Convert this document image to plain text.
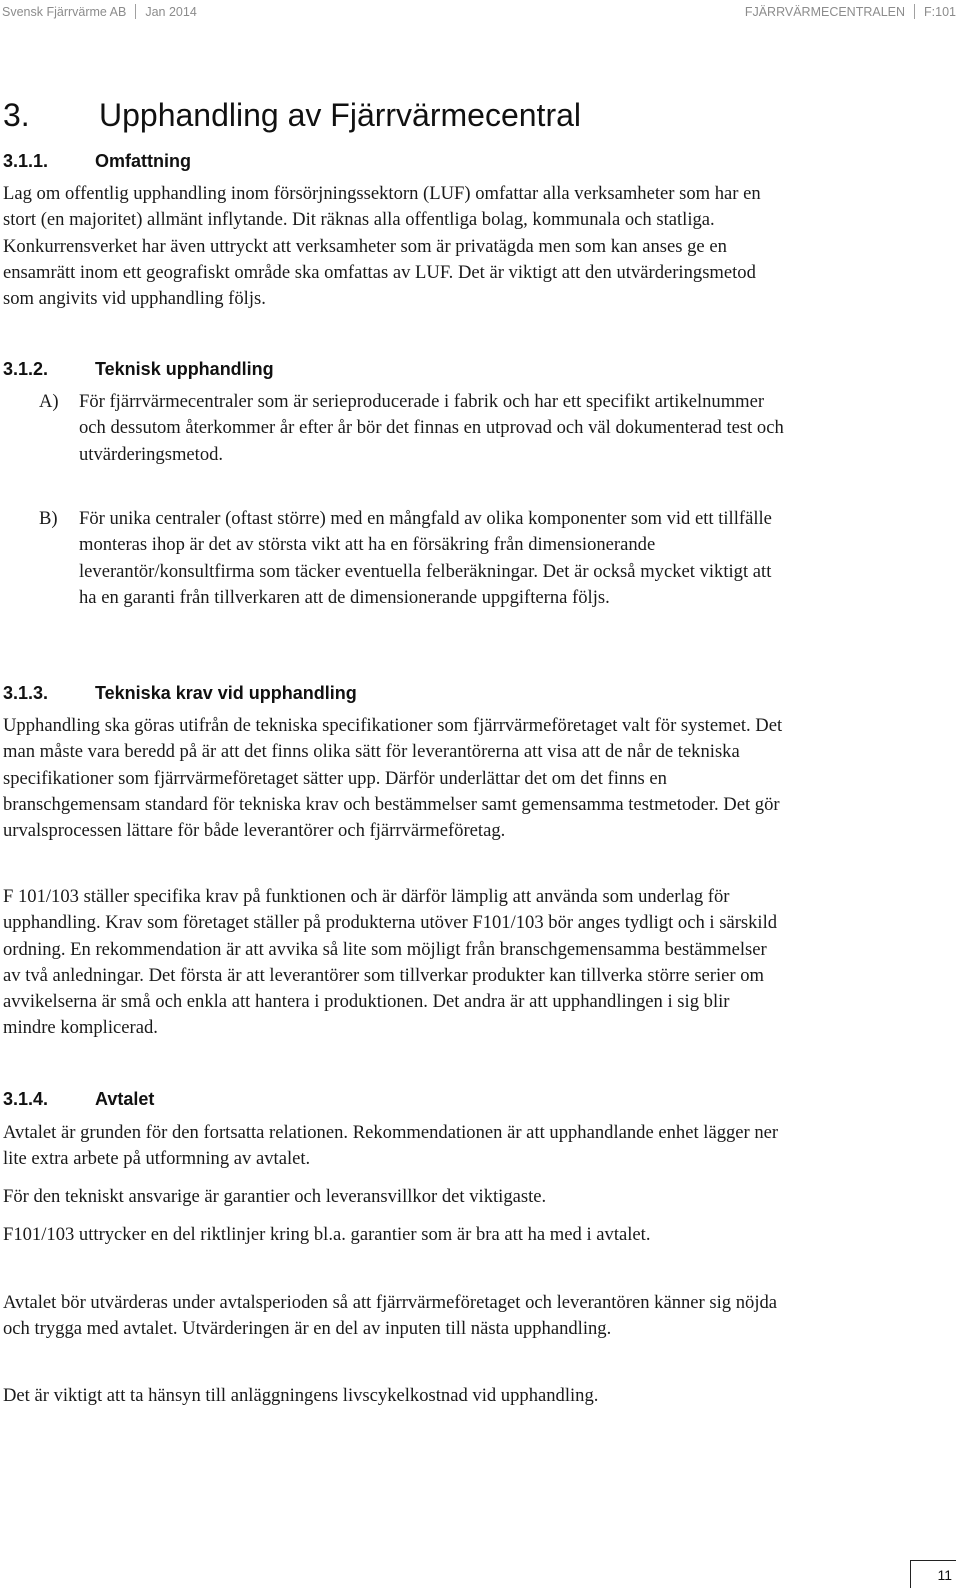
Svensk Fjärrvärme AB Jan 2014	FJÄRRVÄRMECENTRALEN F:101
3.	Upphandling av Fjärrvärmecentral
3.1.1.	Omfattning

Lag om offentlig upphandling inom försörjningssektorn (LUF) omfattar alla verksamheter som har en stort (en majoritet) allmänt inflytande. Dit räknas alla offentliga bolag, kommunala och statliga. Konkurrensverket har även uttryckt att verksamheter som är privatägda men som kan anses ge en ensamrätt inom ett geografiskt område ska omfattas av LUF. Det är viktigt att den utvärderingsmetod som angivits vid upphandling följs.

3.1.2.	Teknisk upphandling
A)	För fjärrvärmecentraler som är serieproducerade i fabrik och har ett specifikt artikelnummer och dessutom återkommer år efter år bör det finnas en utprovad och väl dokumenterad test och utvärderingsmetod.
B)	För unika centraler (oftast större) med en mångfald av olika komponenter som vid ett tillfälle monteras ihop är det av största vikt att ha en försäkring från dimensionerande leverantör/konsultfirma som täcker eventuella felberäkningar. Det är också mycket viktigt att ha en garanti från tillverkaren att de dimensionerande uppgifterna följs.
3.1.3.	Tekniska krav vid upphandling

Upphandling ska göras utifrån de tekniska specifikationer som fjärrvärmeföretaget valt för systemet. Det man måste vara beredd på är att det finns olika sätt för leverantörerna att visa att de når de tekniska specifikationer som fjärrvärmeföretaget sätter upp. Därför underlättar det om det finns en branschgemensam standard för tekniska krav och bestämmelser samt gemensamma testmetoder. Det gör urvalsprocessen lättare för både leverantörer och fjärrvärmeföretag.

F 101/103 ställer specifika krav på funktionen och är därför lämplig att använda som underlag för upphandling. Krav som företaget ställer på produkterna utöver F101/103 bör anges tydligt och i särskild ordning. En rekommendation är att avvika så lite som möjligt från branschgemensamma bestämmelser av två anledningar. Det första är att leverantörer som tillverkar produkter kan tillverka större serier om avvikelserna är små och enkla att hantera i produktionen. Det andra är att upphandlingen i sig blir mindre komplicerad.

3.1.4.	Avtalet

Avtalet är grunden för den fortsatta relationen. Rekommendationen är att upphandlande enhet lägger ner lite extra arbete på utformning av avtalet.

För den tekniskt ansvarige är garantier och leveransvillkor det viktigaste.

F101/103 uttrycker en del riktlinjer kring bl.a. garantier som är bra att ha med i avtalet.

Avtalet bör utvärderas under avtalsperioden så att fjärrvärmeföretaget och leverantören känner sig nöjda och trygga med avtalet. Utvärderingen är en del av inputen till nästa upphandling.

Det är viktigt att ta hänsyn till anläggningens livscykelkostnad vid upphandling.

11
